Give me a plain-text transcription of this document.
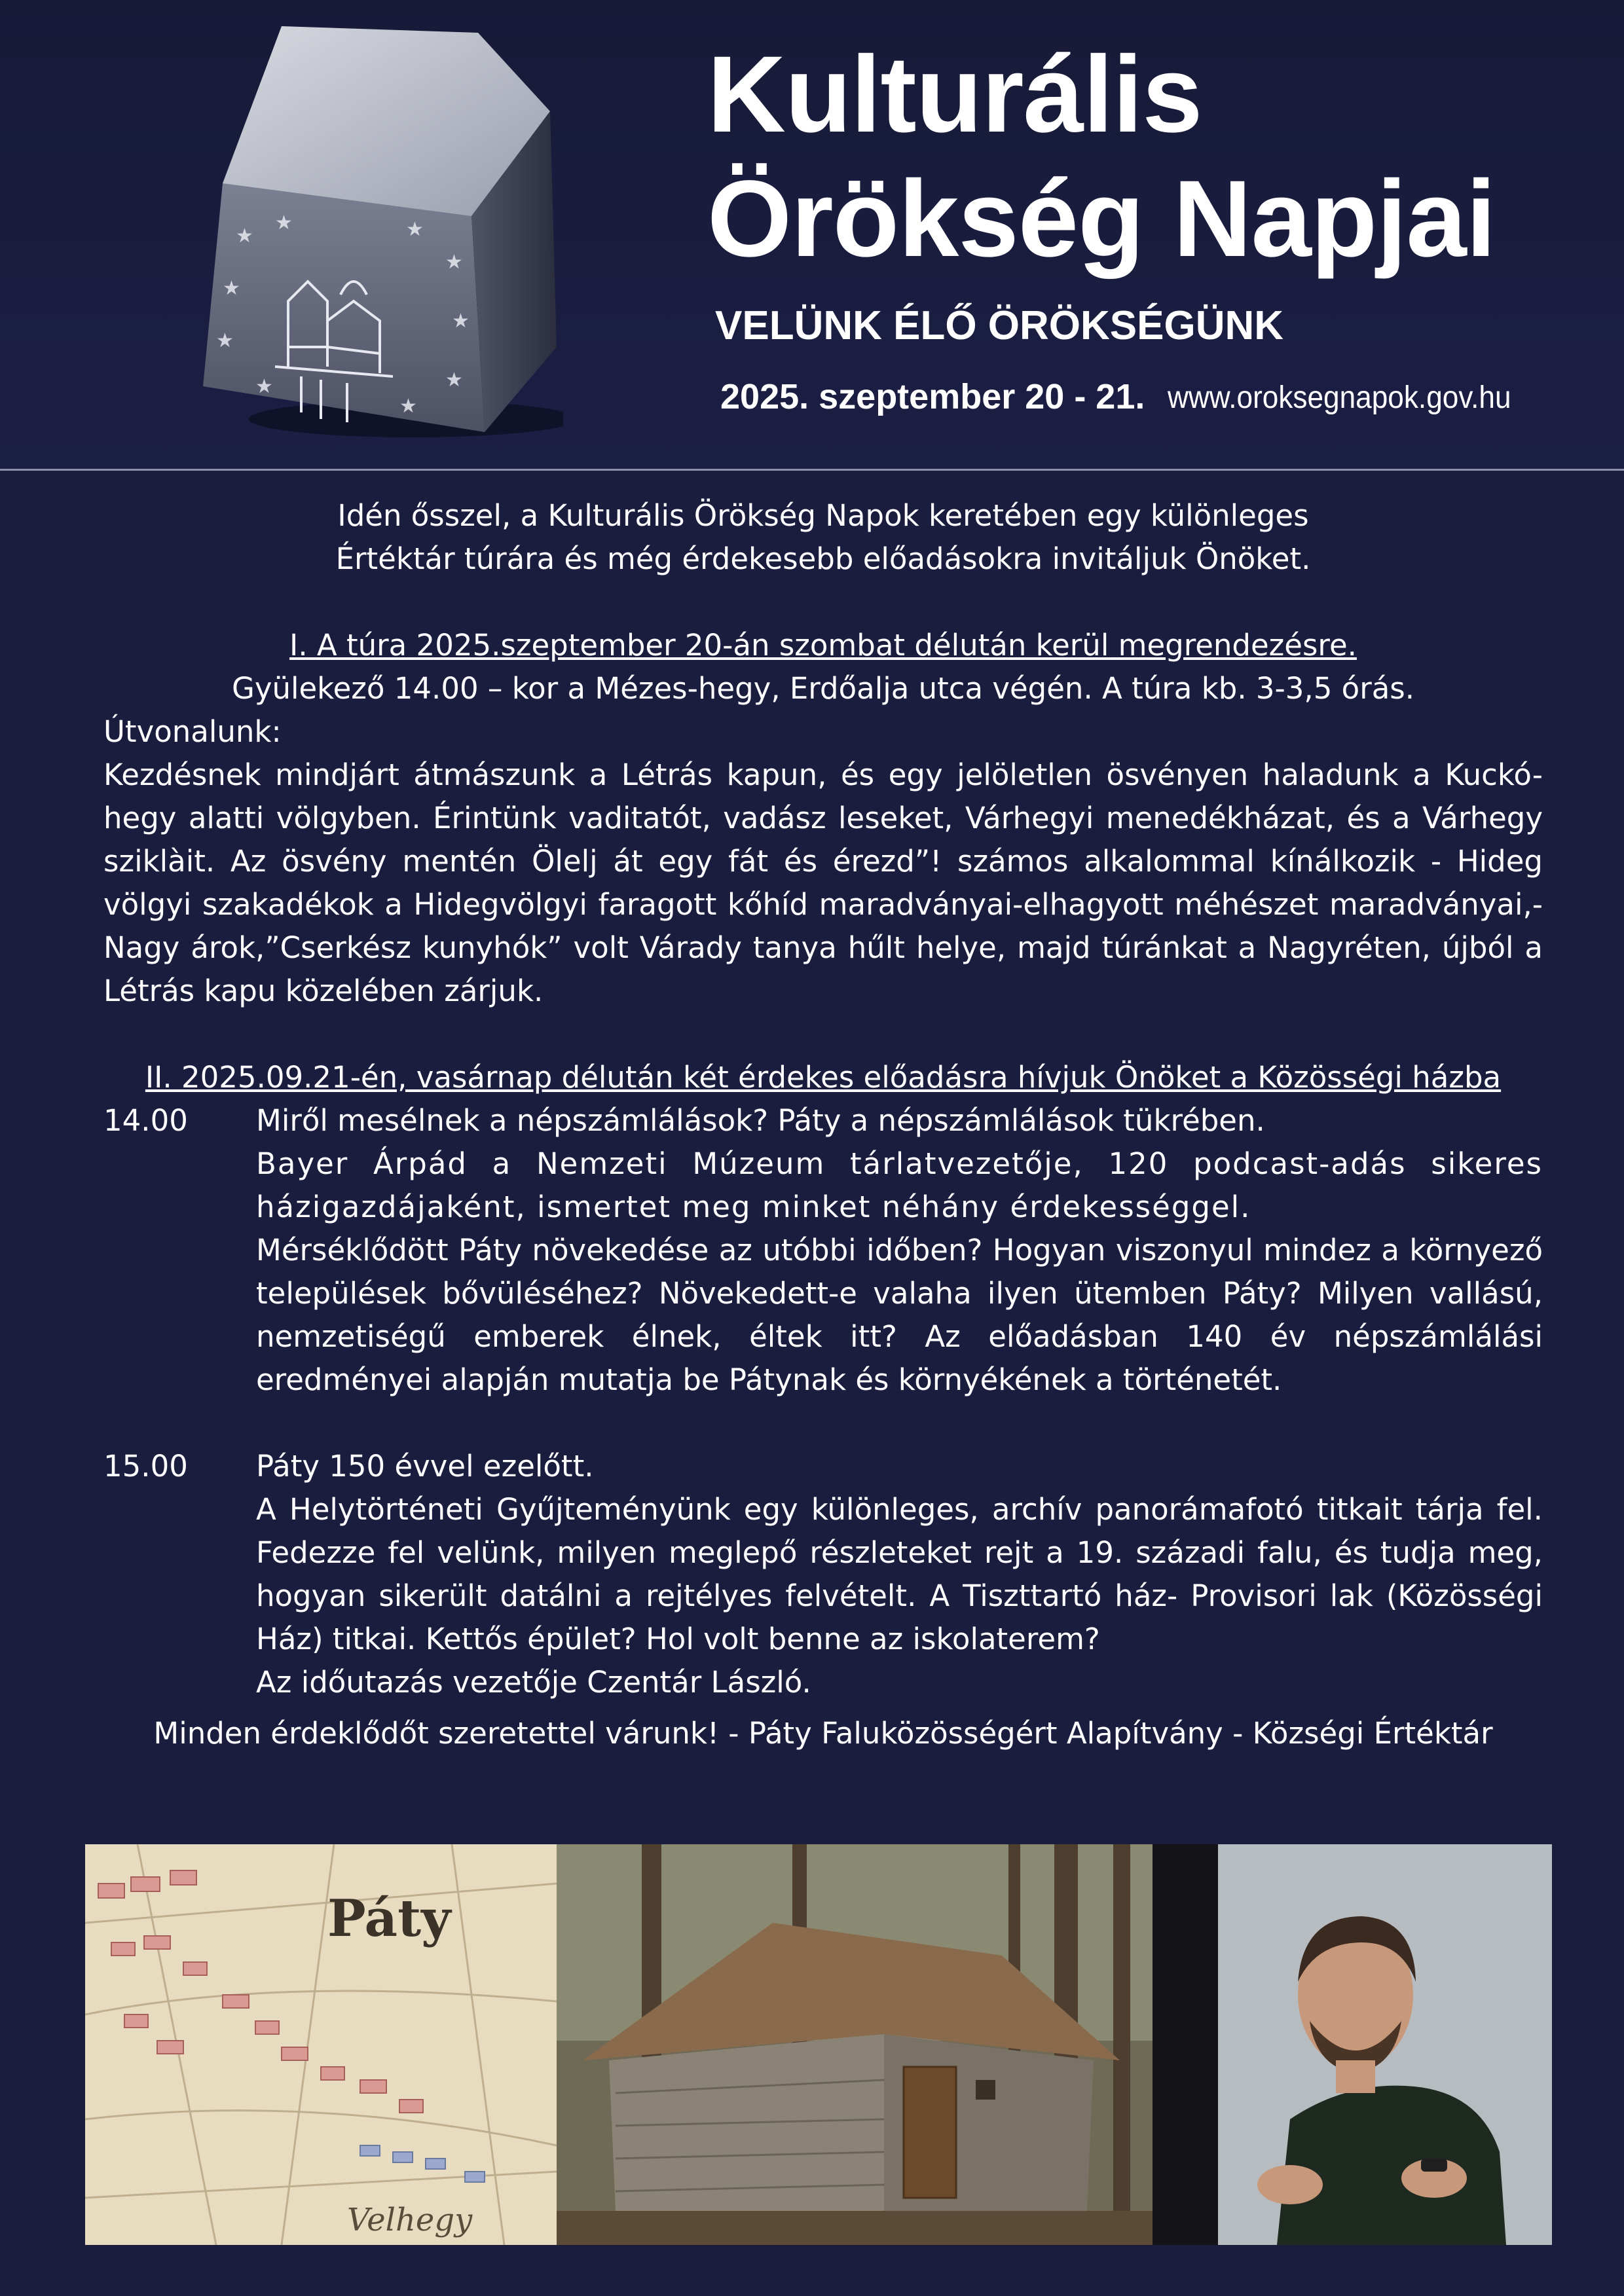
★
★	★
★
★
★
★
★
★
★
Kulturális
Örökség Napjai
VELÜNK ÉLŐ ÖRÖKSÉGÜNK
2025. szeptember 20 - 21. www.oroksegnapok.gov.hu
Idén ősszel, a Kulturális Örökség Napok keretében egy különleges
Értéktár túrára és még érdekesebb előadásokra invitáljuk Önöket.
I. A túra 2025.szeptember 20-án szombat délután kerül megrendezésre.
Gyülekező 14.00 – kor a Mézes-hegy, Erdőalja utca végén. A túra kb. 3-3,5 órás.
Útvonalunk:
Kezdésnek mindjárt átmászunk a Létrás kapun, és egy jelöletlen ösvényen haladunk a Kuckó-hegy alatti völgyben. Érintünk vaditatót, vadász leseket, Várhegyi menedékházat, és a Várhegy sziklàit. Az ösvény mentén Ölelj át egy fát és érezd”! számos alkalommal kínálkozik - Hideg völgyi szakadékok a Hidegvölgyi faragott kőhíd maradványai-elhagyott méhészet maradványai,- Nagy árok,”Cserkész kunyhók” volt Várady tanya hűlt helye, majd túránkat a Nagyréten, újból a Létrás kapu közelében zárjuk.
II. 2025.09.21-én, vasárnap délután két érdekes előadásra hívjuk Önöket a Közösségi házba
14.00	Miről mesélnek a népszámlálások? Páty a népszámlálások tükrében.
Bayer Árpád a Nemzeti Múzeum tárlatvezetője, 120 podcast-adás sikeres házigazdájaként, ismertet meg minket néhány érdekességgel.
Mérséklődött Páty növekedése az utóbbi időben? Hogyan viszonyul mindez a környező települések bővüléséhez? Növekedett-e valaha ilyen ütemben Páty? Milyen vallású, nemzetiségű emberek élnek, éltek itt? Az előadásban 140 év népszámlálási eredményei alapján mutatja be Pátynak és környékének a történetét.
15.00	Páty 150 évvel ezelőtt.
A Helytörténeti Gyűjteményünk egy különleges, archív panorámafotó titkait tárja fel. Fedezze fel velünk, milyen meglepő részleteket rejt a 19. századi falu, és tudja meg, hogyan sikerült datálni a rejtélyes felvételt. A Tiszttartó ház- Provisori lak (Közösségi Ház) titkai. Kettős épület? Hol volt benne az iskolaterem?
Az időutazás vezetője Czentár László.
Minden érdeklődőt szeretettel várunk! - Páty Faluközösségért Alapítvány - Községi Értéktár
Páty
Velhegy
